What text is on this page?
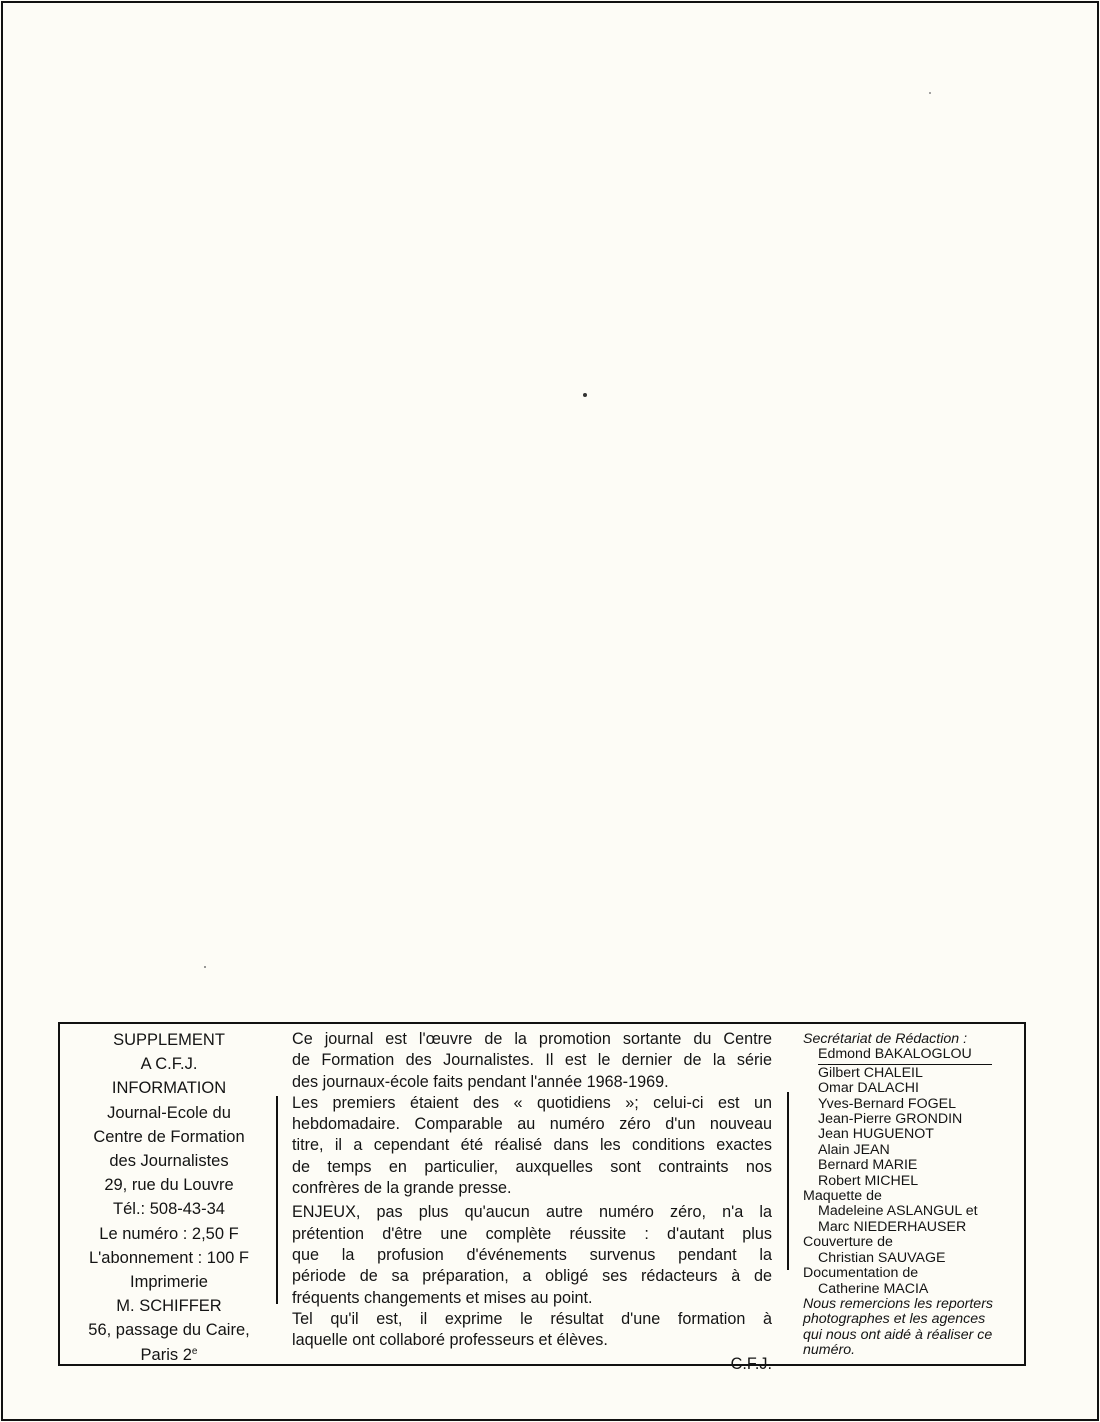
SUPPLEMENT
A C.F.J.
INFORMATION
Journal-Ecole du
Centre de Formation
des Journalistes
29, rue du Louvre
Tél.: 508-43-34
Le numéro : 2,50 F
L'abonnement : 100 F
Imprimerie
M. SCHIFFER
56, passage du Caire,
Paris 2e

Ce journal est l'œuvre de la promotion sortante du Centre
de Formation des Journalistes. Il est le dernier de la série
des journaux-école faits pendant l'année 1968-1969.

Les premiers étaient des « quotidiens »; celui-ci est un
hebdomadaire. Comparable au numéro zéro d'un nouveau
titre, il a cependant été réalisé dans les conditions exactes
de temps en particulier, auxquelles sont contraints nos
confrères de la grande presse.

ENJEUX, pas plus qu'aucun autre numéro zéro, n'a la
prétention d'être une complète réussite : d'autant plus
que la profusion d'événements survenus pendant la
période de sa préparation, a obligé ses rédacteurs à de
fréquents changements et mises au point.

Tel qu'il est, il exprime le résultat d'une formation à
laquelle ont collaboré professeurs et élèves.

C.F.J.
Secrétariat de Rédaction :
Edmond BAKALOGLOU
Gilbert CHALEIL
Omar DALACHI
Yves-Bernard FOGEL
Jean-Pierre GRONDIN
Jean HUGUENOT
Alain JEAN
Bernard MARIE
Robert MICHEL
Maquette de
Madeleine ASLANGUL et
Marc NIEDERHAUSER
Couverture de
Christian SAUVAGE
Documentation de
Catherine MACIA
Nous remercions les reporters
photographes et les agences
qui nous ont aidé à réaliser ce
numéro.
